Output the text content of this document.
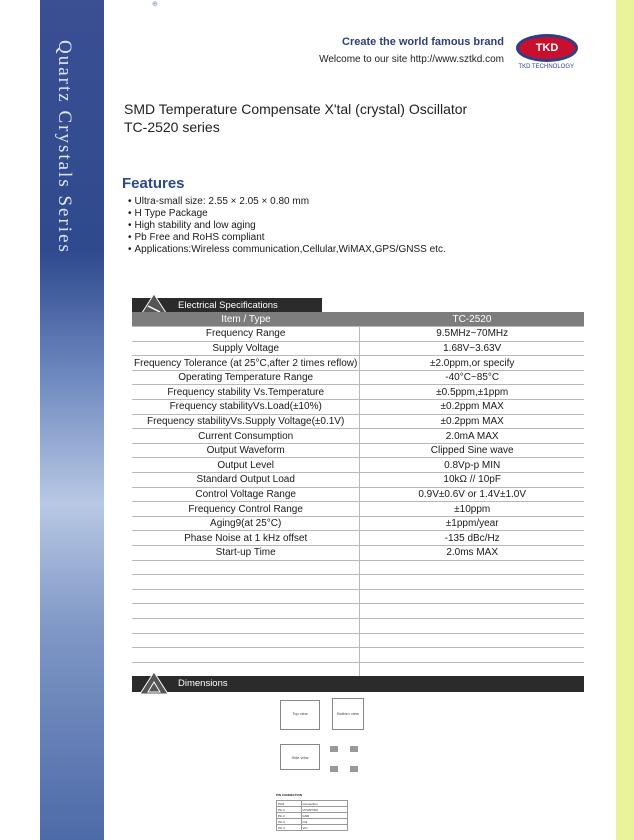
Quartz Crystals Series
⊕
Create the world famous brand
Welcome to our site http://www.sztkd.com
TKD
TKD TECHNOLOGY
SMD Temperature Compensate X'tal (crystal) Oscillator
TC-2520 series
Features
• Ultra-small size: 2.55 × 2.05 × 0.80 mm
• H Type Package
• High stability and low aging
• Pb Free and RoHS compliant
• Applications:Wireless communication,Cellular,WiMAX,GPS/GNSS etc.
Electrical Specifications
Item / Type	TC-2520
Frequency Range	9.5MHz~70MHz
Supply Voltage	1.68V~3.63V
Frequency Tolerance (at 25°C,after 2 times reflow)	±2.0ppm,or specify
Operating Temperature Range	-40°C~85°C
Frequency stability Vs.Temperature	±0.5ppm,±1ppm
Frequency stabilityVs.Load(±10%)	±0.2ppm MAX
Frequency stabilityVs.Supply Voltage(±0.1V)	±0.2ppm MAX
Current Consumption	2.0mA MAX
Output Waveform	Clipped Sine wave
Output Level	0.8Vp-p MIN
Standard Output Load	10kΩ // 10pF
Control Voltage Range	0.9V±0.6V or 1.4V±1.0V
Frequency Control Range	±10ppm
Aging9(at 25°C)	±1ppm/year
Phase Noise at 1 kHz offset	-135 dBc/Hz
Start-up Time	2.0ms MAX

Dimensions
Top view	Bottom view
Side view
PIN CONNECTION
Pin#	Connection
Pin 1	VCONT/NC
Pin 2	GND
Pin 3	Out
Pin 4	Vcc
